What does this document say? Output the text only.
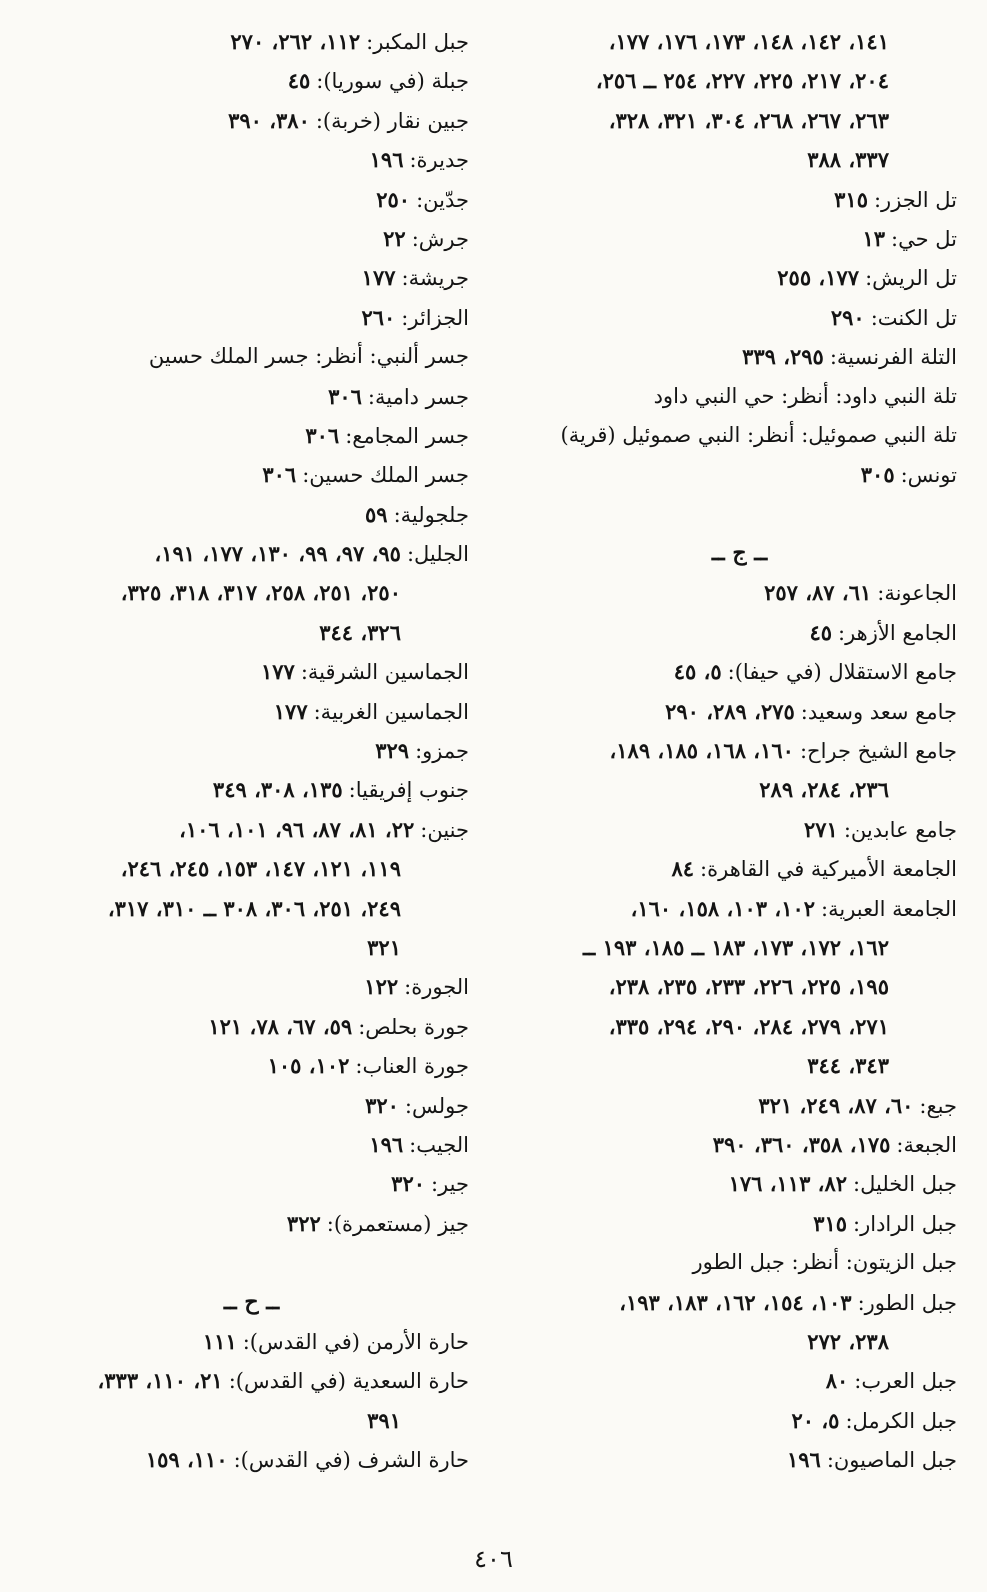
١٤١، ١٤٢، ١٤٨، ١٧٣، ١٧٦، ١٧٧،
٢٠٤، ٢١٧، ٢٢٥، ٢٢٧، ٢٥٤ ــ ٢٥٦،
٢٦٣، ٢٦٧، ٢٦٨، ٣٠٤، ٣٢١، ٣٢٨،
٣٣٧، ٣٨٨
تل الجزر:٣١٥
تل حي:١٣
تل الريش:١٧٧، ٢٥٥
تل الكنت:٢٩٠
التلة الفرنسية:٢٩٥، ٣٣٩
تلة النبي داود: أنظر: حي النبي داود
تلة النبي صموئيل: أنظر: النبي صموئيل (قرية)
تونس:٣٠٥
ــ ج ــ
الجاعونة:٦١، ٨٧، ٢٥٧
الجامع الأزهر:٤٥
جامع الاستقلال (في حيفا):٥، ٤٥
جامع سعد وسعيد:٢٧٥، ٢٨٩، ٢٩٠
جامع الشيخ جراح:١٦٠، ١٦٨، ١٨٥، ١٨٩،
٢٣٦، ٢٨٤، ٢٨٩
جامع عابدين:٢٧١
الجامعة الأميركية في القاهرة:٨٤
الجامعة العبرية:١٠٢، ١٠٣، ١٥٨، ١٦٠،
١٦٢، ١٧٢، ١٧٣، ١٨٣ ــ ١٨٥، ١٩٣ ــ
١٩٥، ٢٢٥، ٢٢٦، ٢٣٣، ٢٣٥، ٢٣٨،
٢٧١، ٢٧٩، ٢٨٤، ٢٩٠، ٢٩٤، ٣٣٥،
٣٤٣، ٣٤٤
جبع:٦٠، ٨٧، ٢٤٩، ٣٢١
الجبعة:١٧٥، ٣٥٨، ٣٦٠، ٣٩٠
جبل الخليل:٨٢، ١١٣، ١٧٦
جبل الرادار:٣١٥
جبل الزيتون: أنظر: جبل الطور
جبل الطور:١٠٣، ١٥٤، ١٦٢، ١٨٣، ١٩٣،
٢٣٨، ٢٧٢
جبل العرب:٨٠
جبل الكرمل:٥، ٢٠
جبل الماصيون:١٩٦
جبل المكبر:١١٢، ٢٦٢، ٢٧٠
جبلة (في سوريا):٤٥
جبين نقار (خربة):٣٨٠، ٣٩٠
جديرة:١٩٦
جدّين:٢٥٠
جرش:٢٢
جريشة:١٧٧
الجزائر:٢٦٠
جسر ألنبي: أنظر: جسر الملك حسين
جسر دامية:٣٠٦
جسر المجامع:٣٠٦
جسر الملك حسين:٣٠٦
جلجولية:٥٩
الجليل:٩٥، ٩٧، ٩٩، ١٣٠، ١٧٧، ١٩١،
٢٥٠، ٢٥١، ٢٥٨، ٣١٧، ٣١٨، ٣٢٥،
٣٢٦، ٣٤٤
الجماسين الشرقية:١٧٧
الجماسين الغربية:١٧٧
جمزو:٣٢٩
جنوب إفريقيا:١٣٥، ٣٠٨، ٣٤٩
جنين:٢٢، ٨١، ٨٧، ٩٦، ١٠١، ١٠٦،
١١٩، ١٢١، ١٤٧، ١٥٣، ٢٤٥، ٢٤٦،
٢٤٩، ٢٥١، ٣٠٦، ٣٠٨ ــ ٣١٠، ٣١٧،
٣٢١
الجورة:١٢٢
جورة بحلص:٥٩، ٦٧، ٧٨، ١٢١
جورة العناب:١٠٢، ١٠٥
جولس:٣٢٠
الجيب:١٩٦
جير:٣٢٠
جيز (مستعمرة):٣٢٢
ــ ح ــ
حارة الأرمن (في القدس):١١١
حارة السعدية (في القدس):٢١، ١١٠، ٣٣٣،
٣٩١
حارة الشرف (في القدس):١١٠، ١٥٩
٤٠٦
